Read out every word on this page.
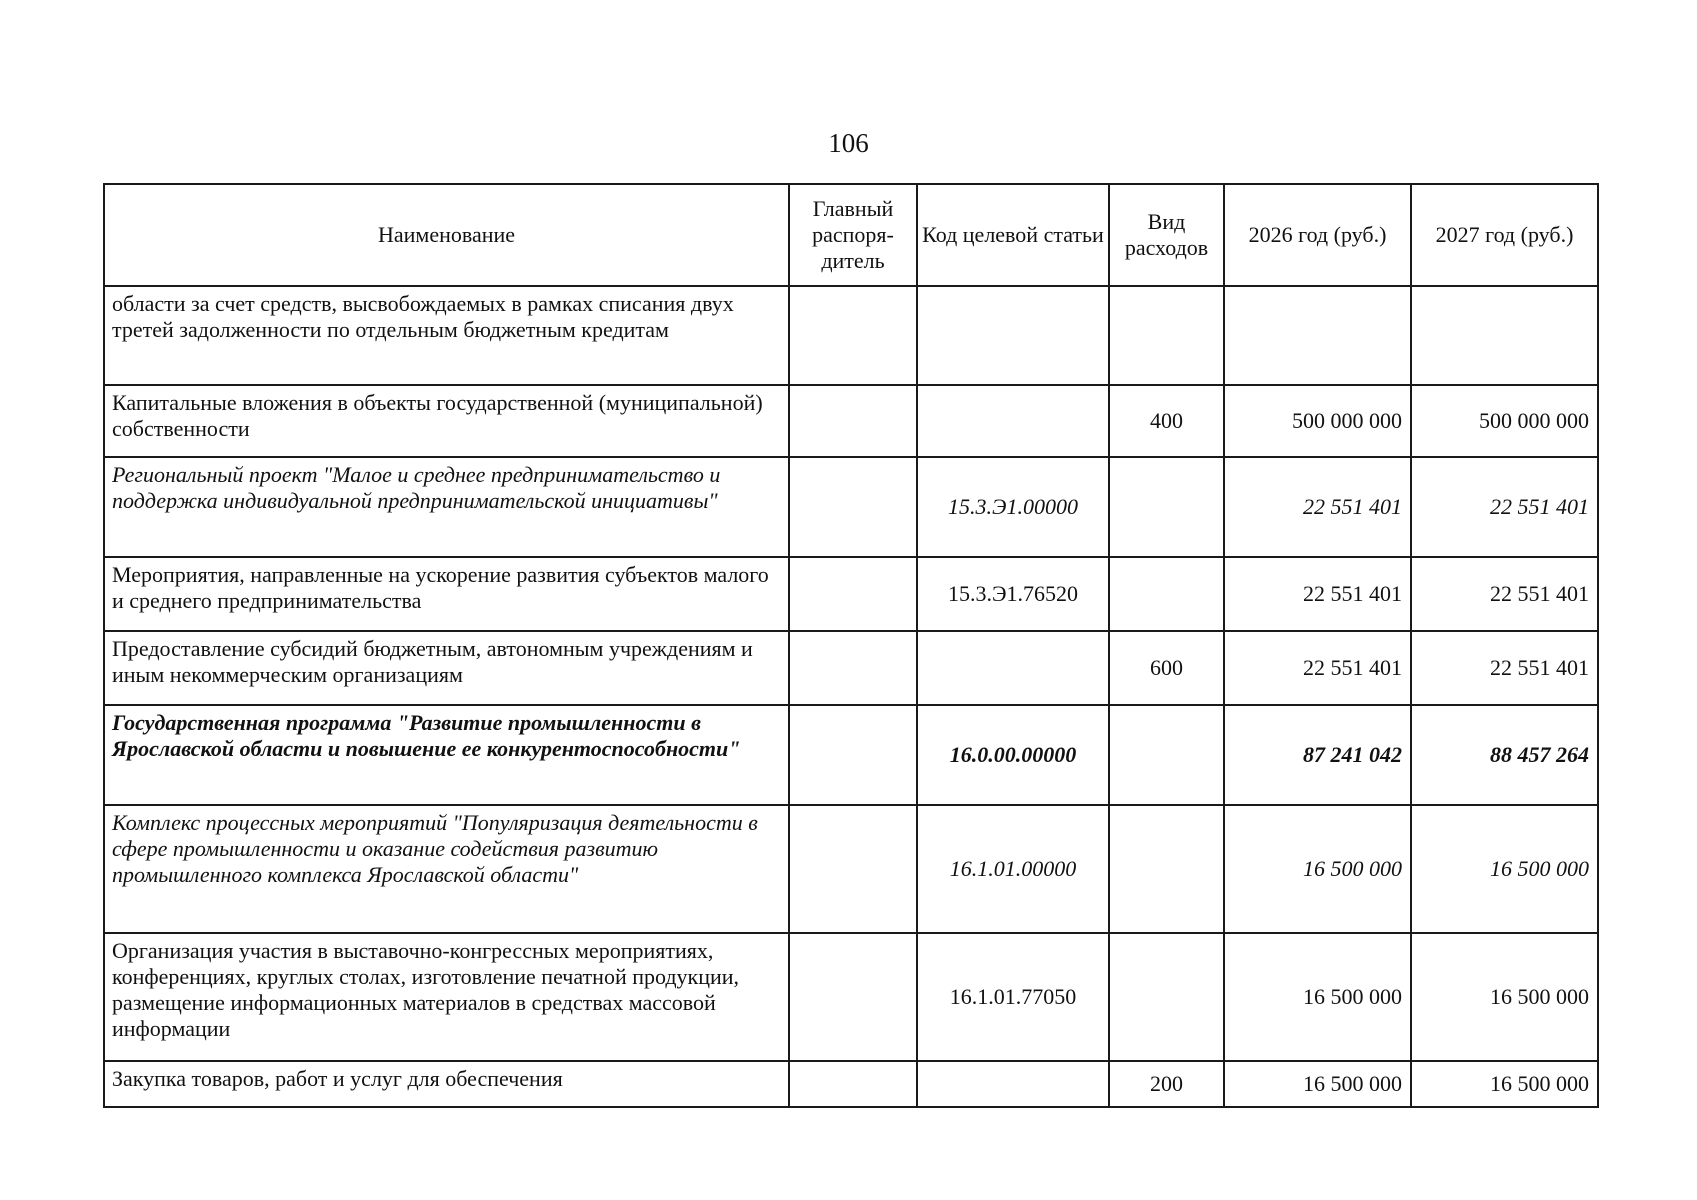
106
Наименование	Главный распоря-дитель	Код целевой статьи	Вид расходов	2026 год (руб.)	2027 год (руб.)
области за счет средств, высвобождаемых в рамках списания двух третей задолженности по отдельным бюджетным кредитам					
Капитальные вложения в объекты государственной (муниципальной) собственности			400	500 000 000	500 000 000
Региональный проект "Малое и среднее предпринимательство и поддержка индивидуальной предпринимательской инициативы"		15.3.Э1.00000		22 551 401	22 551 401
Мероприятия, направленные на ускорение развития субъектов малого и среднего предпринимательства		15.3.Э1.76520		22 551 401	22 551 401
Предоставление субсидий бюджетным, автономным учреждениям и иным некоммерческим организациям			600	22 551 401	22 551 401
Государственная программа "Развитие промышленности в Ярославской области и повышение ее конкурентоспособности"		16.0.00.00000		87 241 042	88 457 264
Комплекс процессных мероприятий "Популяризация деятельности в сфере промышленности и оказание содействия развитию промышленного комплекса Ярославской области"		16.1.01.00000		16 500 000	16 500 000
Организация участия в выставочно-конгрессных мероприятиях, конференциях, круглых столах, изготовление печатной продукции, размещение информационных материалов в средствах массовой информации		16.1.01.77050		16 500 000	16 500 000
Закупка товаров, работ и услуг для обеспечения			200	16 500 000	16 500 000
